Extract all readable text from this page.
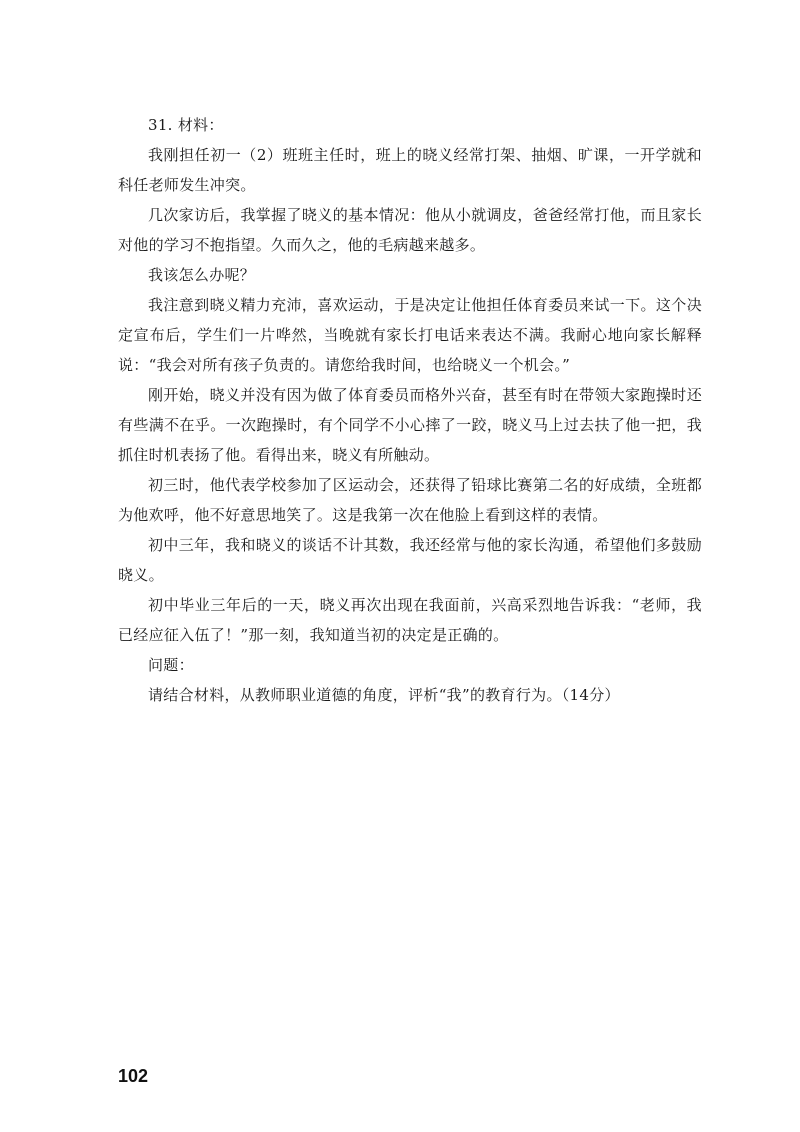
31. 材料：

我刚担任初一（2）班班主任时，班上的晓义经常打架、抽烟、旷课，一开学就和科任老师发生冲突。

几次家访后，我掌握了晓义的基本情况：他从小就调皮，爸爸经常打他，而且家长对他的学习不抱指望。久而久之，他的毛病越来越多。

我该怎么办呢？

我注意到晓义精力充沛，喜欢运动，于是决定让他担任体育委员来试一下。这个决定宣布后，学生们一片哗然，当晚就有家长打电话来表达不满。我耐心地向家长解释说：“我会对所有孩子负责的。请您给我时间，也给晓义一个机会。”

刚开始，晓义并没有因为做了体育委员而格外兴奋，甚至有时在带领大家跑操时还有些满不在乎。一次跑操时，有个同学不小心摔了一跤，晓义马上过去扶了他一把，我抓住时机表扬了他。看得出来，晓义有所触动。

初三时，他代表学校参加了区运动会，还获得了铅球比赛第二名的好成绩，全班都为他欢呼，他不好意思地笑了。这是我第一次在他脸上看到这样的表情。

初中三年，我和晓义的谈话不计其数，我还经常与他的家长沟通，希望他们多鼓励晓义。

初中毕业三年后的一天，晓义再次出现在我面前，兴高采烈地告诉我：“老师，我已经应征入伍了！”那一刻，我知道当初的决定是正确的。

问题：

请结合材料，从教师职业道德的角度，评析“我”的教育行为。（14分）

102
